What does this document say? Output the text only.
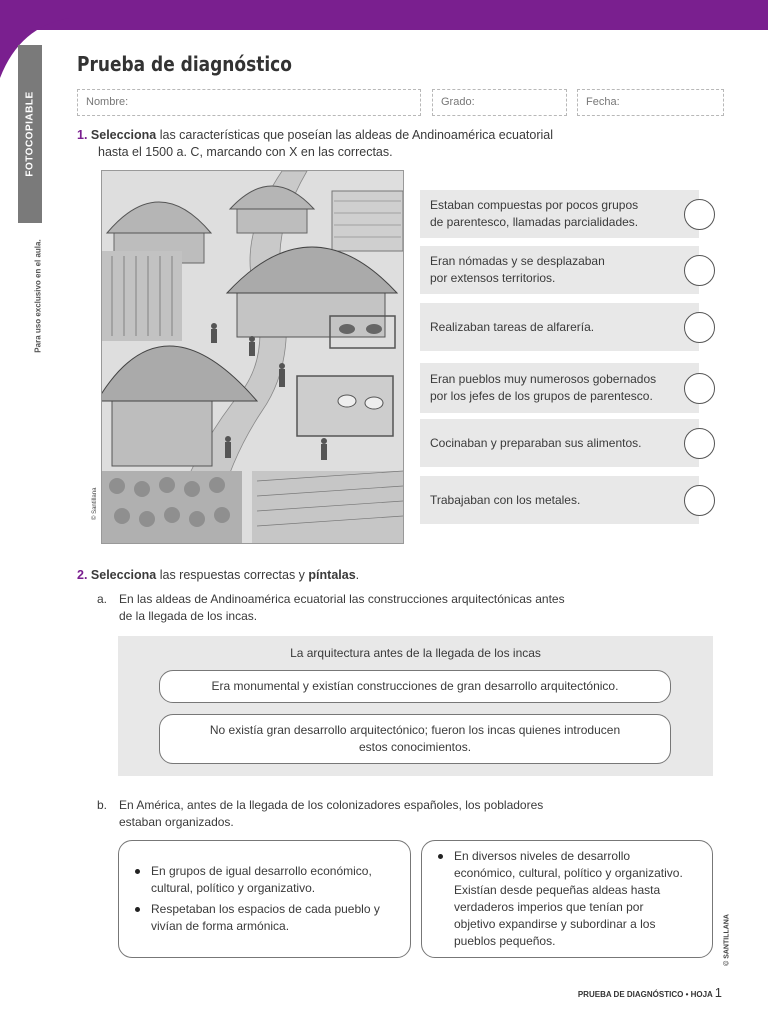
FOTOCOPIABLE
Para uso exclusivo en el aula.
Prueba de diagnóstico
Nombre:	Grado:	Fecha:
1. Selecciona las características que poseían las aldeas de Andinoamérica ecuatorial
hasta el 1500 a. C, marcando con X en las correctas.
© Santillana
Estaban compuestas por pocos grupos
de parentesco, llamadas parcialidades.
Eran nómadas y se desplazaban
por extensos territorios.
Realizaban tareas de alfarería.
Eran pueblos muy numerosos gobernados
por los jefes de los grupos de parentesco.
Cocinaban y preparaban sus alimentos.
Trabajaban con los metales.
2. Selecciona las respuestas correctas y píntalas.
a. En las aldeas de Andinoamérica ecuatorial las construcciones arquitectónicas antes
de la llegada de los incas.
La arquitectura antes de la llegada de los incas
Era monumental y existían construcciones de gran desarrollo arquitectónico.
No existía gran desarrollo arquitectónico; fueron los incas quienes introducen
estos conocimientos.
b. En América, antes de la llegada de los colonizadores españoles, los pobladores
estaban organizados.
En grupos de igual desarrollo económico,
cultural, político y organizativo.
Respetaban los espacios de cada pueblo y
vivían de forma armónica.
En diversos niveles de desarrollo
económico, cultural, político y organizativo.
Existían desde pequeñas aldeas hasta
verdaderos imperios que tenían por
objetivo expandirse y subordinar a los
pueblos pequeños.	© SANTILLANA
PRUEBA DE DIAGNÓSTICO • HOJA 1
